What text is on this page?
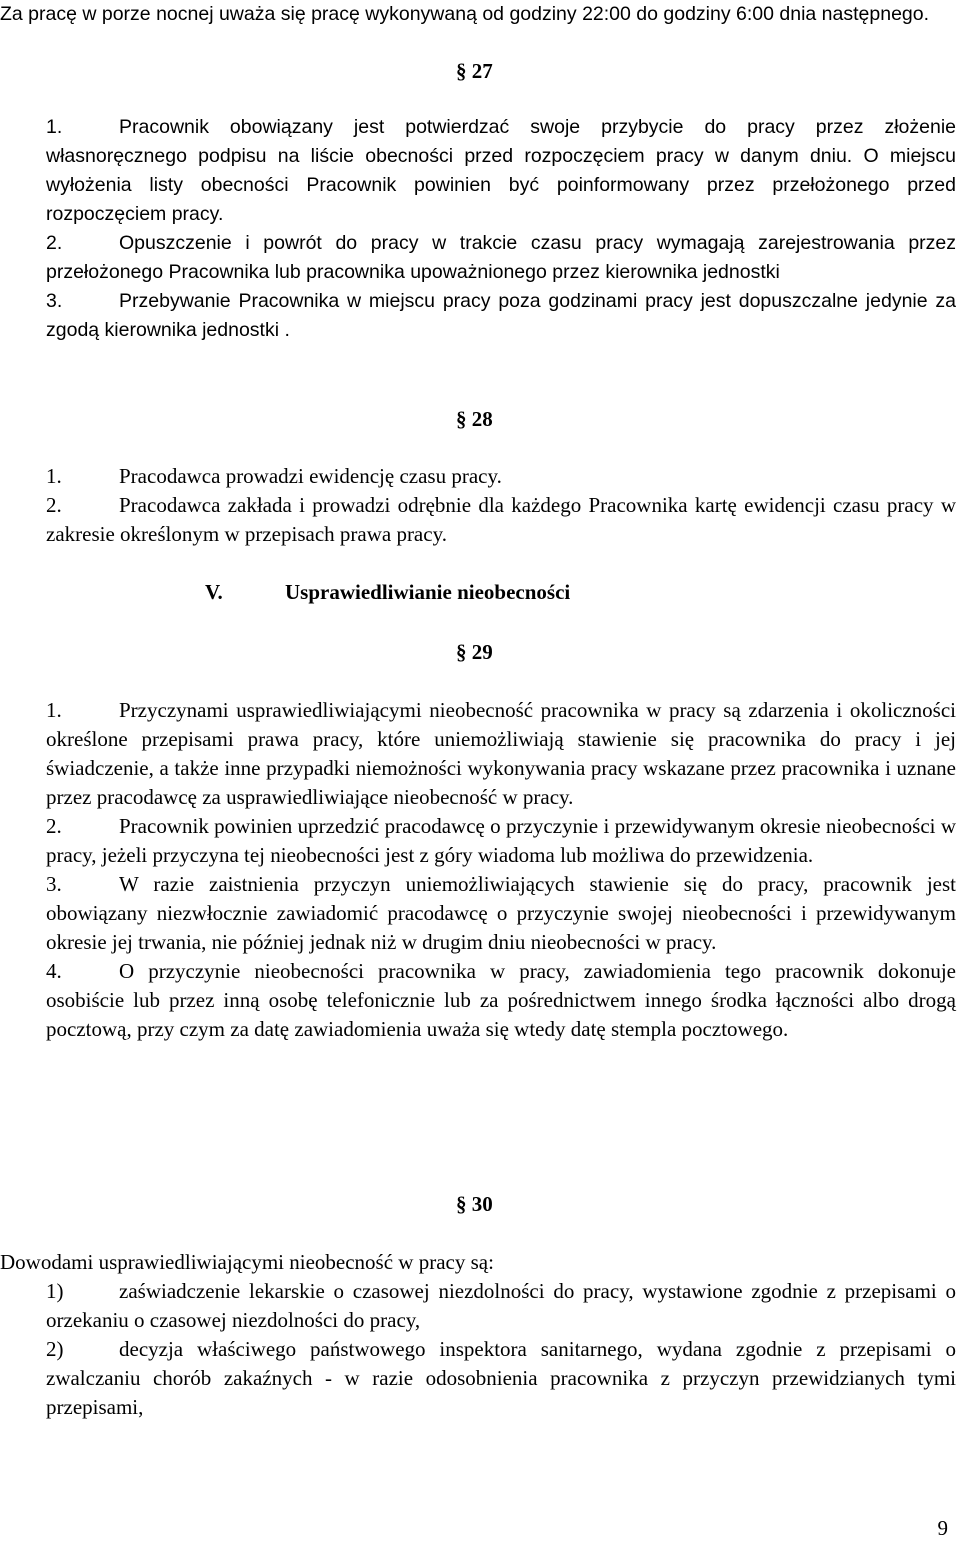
Za pracę w porze nocnej uważa się pracę wykonywaną od godziny 22:00 do godziny 6:00 dnia następnego.
§ 27

1.	Pracownik obowiązany jest potwierdzać swoje przybycie do pracy przez złożenie własnoręcznego podpisu na liście obecności przed rozpoczęciem pracy w danym dniu. O miejscu wyłożenia listy obecności Pracownik powinien być poinformowany przez przełożonego przed rozpoczęciem pracy.

2.	Opuszczenie i powrót do pracy w trakcie czasu pracy wymagają zarejestrowania przez przełożonego Pracownika lub pracownika upoważnionego przez kierownika jednostki

3.	Przebywanie Pracownika w miejscu pracy poza godzinami pracy jest dopuszczalne jedynie za zgodą kierownika jednostki .

§ 28

1.	Pracodawca prowadzi ewidencję czasu pracy.

2.	Pracodawca zakłada i prowadzi odrębnie dla każdego Pracownika kartę ewidencji czasu pracy w zakresie określonym w przepisach prawa pracy.

V.	Usprawiedliwianie nieobecności
§ 29

1.	Przyczynami usprawiedliwiającymi nieobecność pracownika w pracy są zdarzenia i okoliczności określone przepisami prawa pracy, które uniemożliwiają stawienie się pracownika do pracy i jej świadczenie, a także inne przypadki niemożności wykonywania pracy wskazane przez pracownika i uznane przez pracodawcę za usprawiedliwiające nieobecność w pracy.

2.	Pracownik powinien uprzedzić pracodawcę o przyczynie i przewidywanym okresie nieobecności w pracy, jeżeli przyczyna tej nieobecności jest z góry wiadoma lub możliwa do przewidzenia.

3.	W razie zaistnienia przyczyn uniemożliwiających stawienie się do pracy, pracownik jest obowiązany niezwłocznie zawiadomić pracodawcę o przyczynie swojej nieobecności i przewidywanym okresie jej trwania, nie później jednak niż w drugim dniu nieobecności w pracy.

4.	O przyczynie nieobecności pracownika w pracy, zawiadomienia tego pracownik dokonuje osobiście lub przez inną osobę telefonicznie lub za pośrednictwem innego środka łączności albo drogą pocztową, przy czym za datę zawiadomienia uważa się wtedy datę stempla pocztowego.

§ 30
Dowodami usprawiedliwiającymi nieobecność w pracy są:

1)	zaświadczenie lekarskie o czasowej niezdolności do pracy, wystawione zgodnie z przepisami o orzekaniu o czasowej niezdolności do pracy,

2)	decyzja właściwego państwowego inspektora sanitarnego, wydana zgodnie z przepisami o zwalczaniu chorób zakaźnych - w razie odosobnienia pracownika z przyczyn przewidzianych tymi przepisami,

9
